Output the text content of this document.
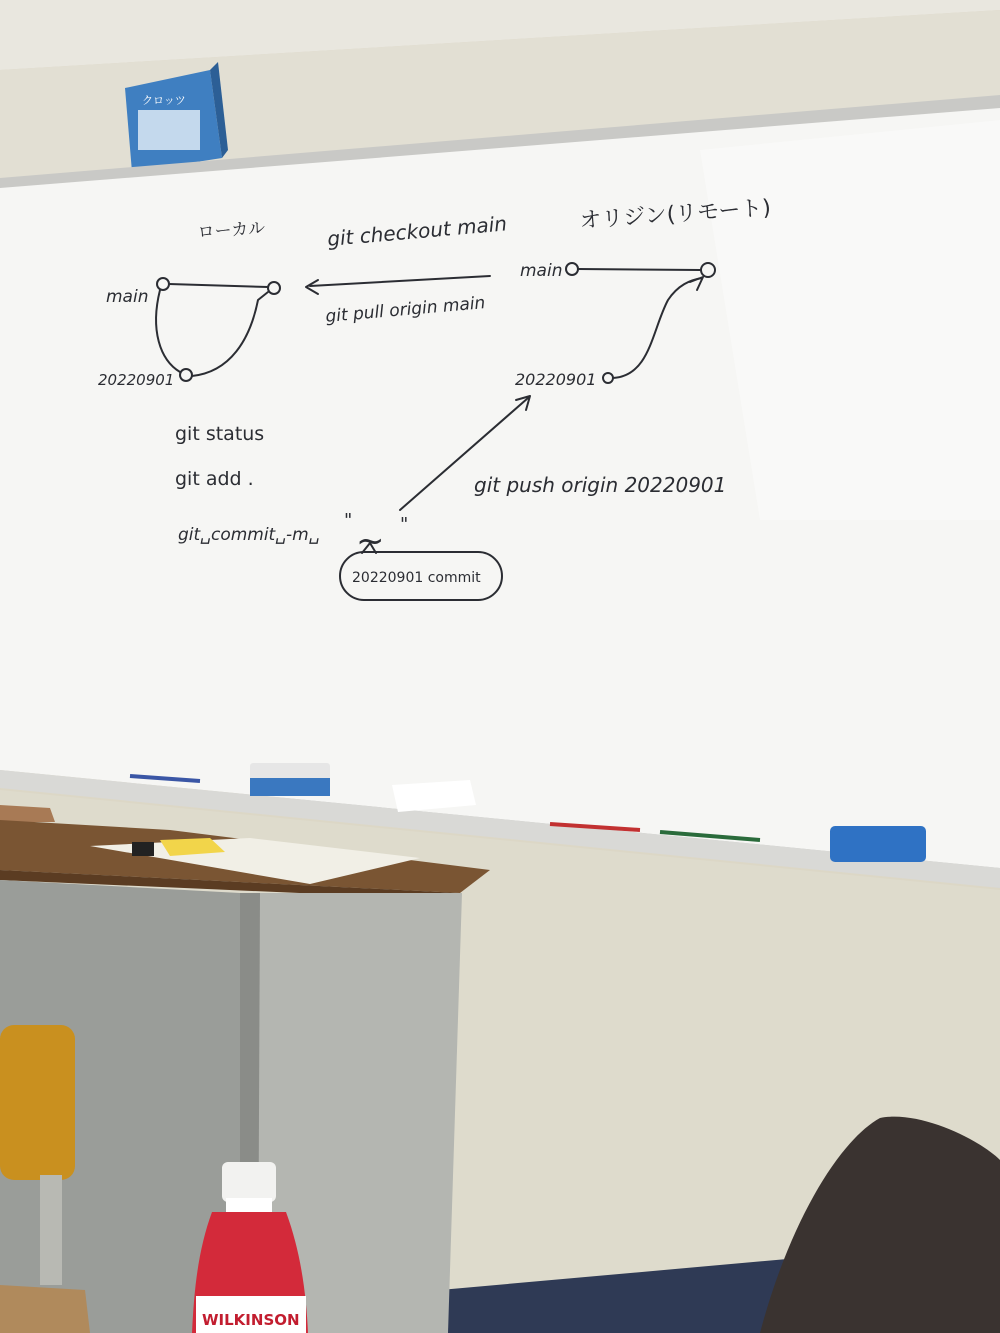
クロッツ
ローカル	オリジン(リモート)
git checkout main
git pull origin main
main
20220901
main
20220901
git status
git add .
git␣commit␣-m␣
"
~ "
20220901 commit
git push origin 20220901
WILKINSON
